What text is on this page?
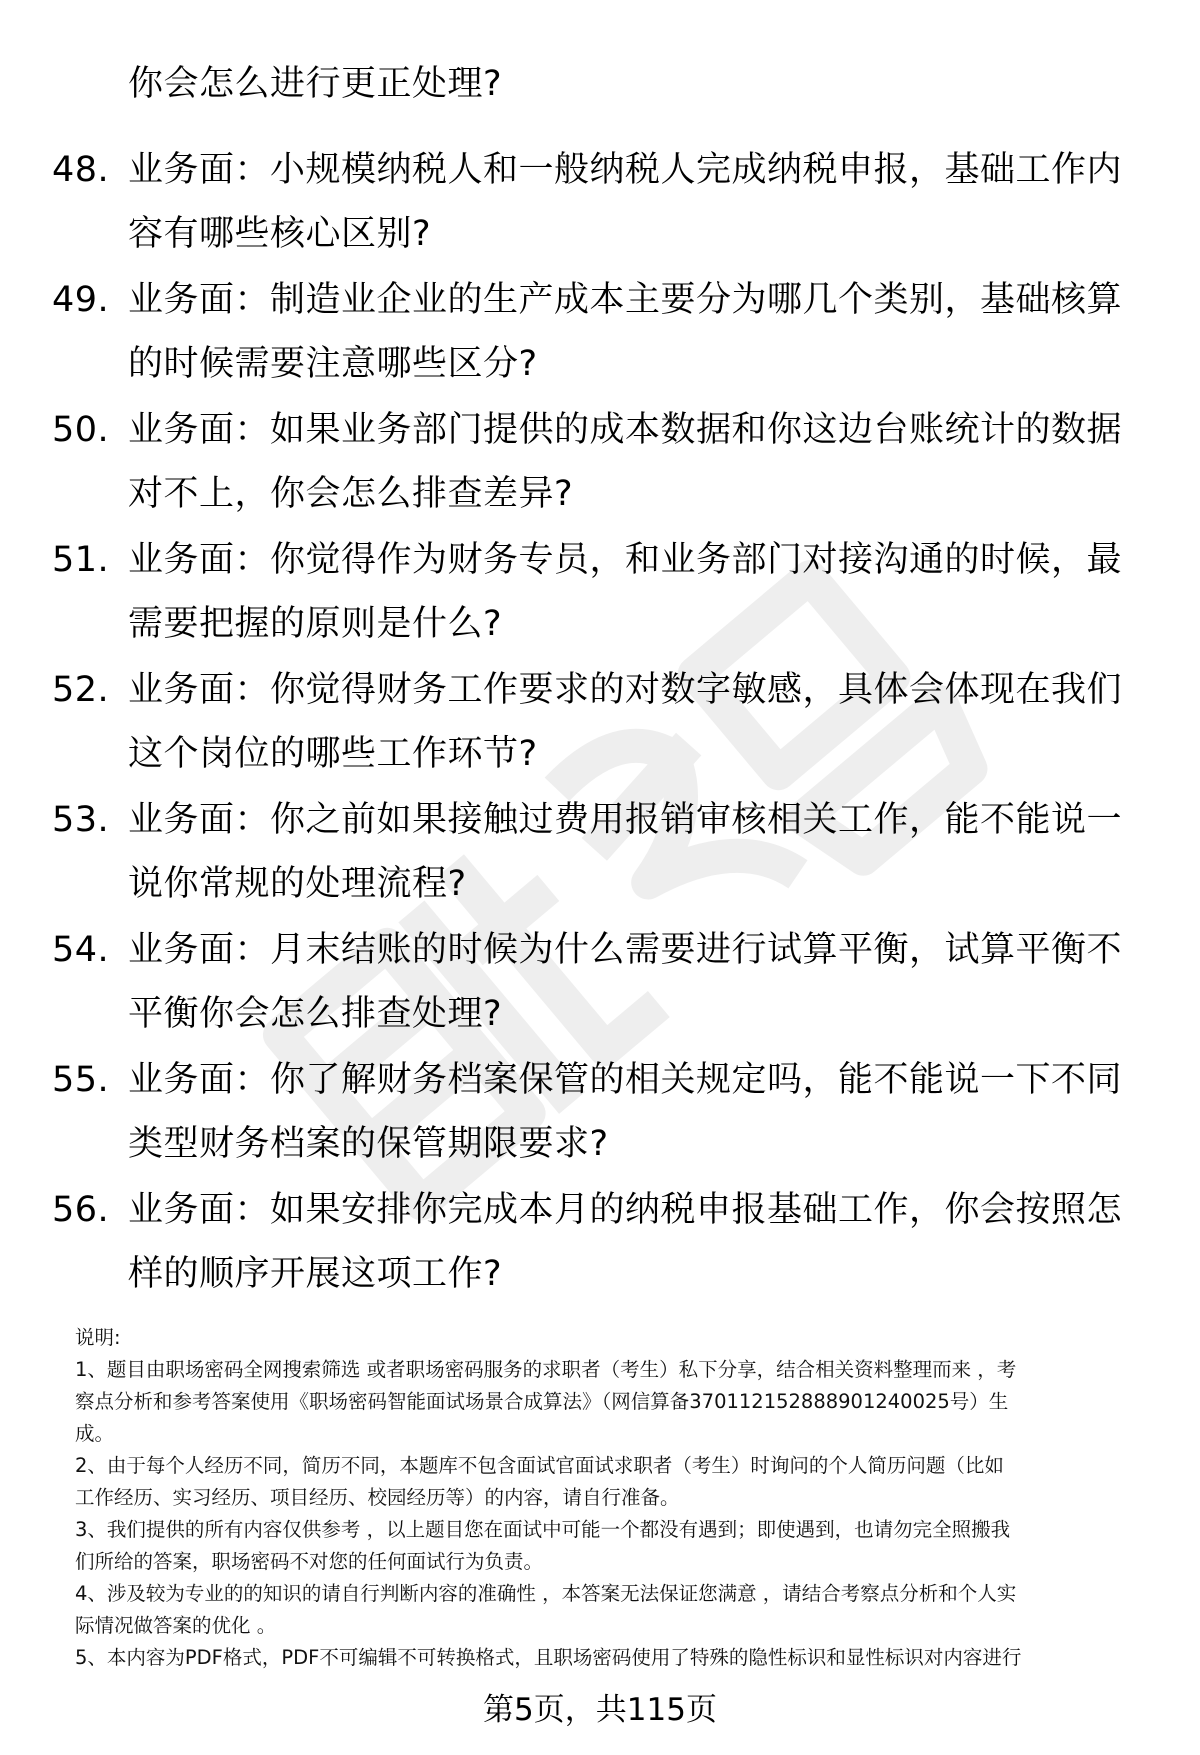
你会怎么进行更正处理?
48. 业务面：小规模纳税人和一般纳税人完成纳税申报，基础工作内
容有哪些核心区别?
49. 业务面：制造业企业的生产成本主要分为哪几个类别，基础核算
的时候需要注意哪些区分?
50. 业务面：如果业务部门提供的成本数据和你这边台账统计的数据
对不上，你会怎么排查差异?
51. 业务面：你觉得作为财务专员，和业务部门对接沟通的时候，最
需要把握的原则是什么?
52. 业务面：你觉得财务工作要求的对数字敏感，具体会体现在我们
这个岗位的哪些工作环节?
53. 业务面：你之前如果接触过费用报销审核相关工作，能不能说一
说你常规的处理流程?
54. 业务面：月末结账的时候为什么需要进行试算平衡，试算平衡不
平衡你会怎么排查处理?
55. 业务面：你了解财务档案保管的相关规定吗，能不能说一下不同
类型财务档案的保管期限要求?
56. 业务面：如果安排你完成本月的纳税申报基础工作，你会按照怎
样的顺序开展这项工作?

说明:

1、题目由职场密码全网搜索筛选 或者职场密码服务的求职者（考生）私下分享，结合相关资料整理而来 ，考
察点分析和参考答案使用《职场密码智能面试场景合成算法》（网信算备370112152888901240025号）生
成。

2、由于每个人经历不同，简历不同，本题库不包含面试官面试求职者（考生）时询问的个人简历问题（比如
工作经历、实习经历、项目经历、校园经历等）的内容，请自行准备。

3、我们提供的所有内容仅供参考 ，以上题目您在面试中可能一个都没有遇到；即使遇到，也请勿完全照搬我
们所给的答案，职场密码不对您的任何面试行为负责。

4、涉及较为专业的的知识的请自行判断内容的准确性 ，本答案无法保证您满意 ，请结合考察点分析和个人实
际情况做答案的优化 。

5、本内容为PDF格式，PDF不可编辑不可转换格式，且职场密码使用了特殊的隐性标识和显性标识对内容进行

第5页，共115页
